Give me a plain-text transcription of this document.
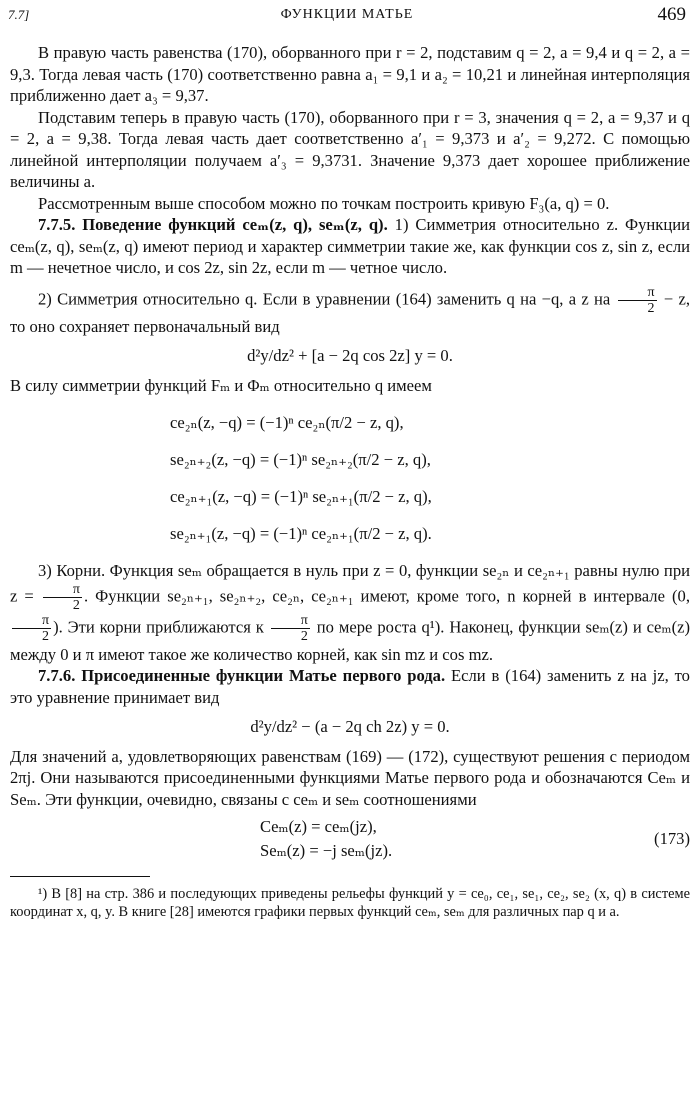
7.7]	ФУНКЦИИ МАТЬЕ	469

В правую часть равенства (170), оборванного при r = 2, подставим q = 2, a = 9,4 и q = 2, a = 9,3. Тогда левая часть (170) соответственно равна a₁ = 9,1 и a₂ = 10,21 и линейная интерполяция приближенно дает a₃ = 9,37.

Подставим теперь в правую часть (170), оборванного при r = 3, значения q = 2, a = 9,37 и q = 2, a = 9,38. Тогда левая часть дает соответственно a′₁ = 9,373 и a′₂ = 9,272. С помощью линейной интерполяции получаем a′₃ = 9,3731. Значение 9,373 дает хорошее приближение величины a.

Рассмотренным выше способом можно по точкам построить кривую F₃(a, q) = 0.

7.7.5. Поведение функций ceₘ(z, q), seₘ(z, q). 1) Симметрия относительно z. Функции ceₘ(z, q), seₘ(z, q) имеют период и характер симметрии такие же, как функции cos z, sin z, если m — нечетное число, и cos 2z, sin 2z, если m — четное число.

2) Симметрия относительно q. Если в уравнении (164) заменить q на −q, а z на $\frac{\pi}{2} - z$, то оно сохраняет первоначальный вид

d²y/dz² + [a − 2q cos 2z] y = 0.

В силу симметрии функций Fₘ и Φₘ относительно q имеем

ce₂ₙ(z, −q) = (−1)ⁿ ce₂ₙ(π/2 − z, q),
se₂ₙ₊₂(z, −q) = (−1)ⁿ se₂ₙ₊₂(π/2 − z, q),
ce₂ₙ₊₁(z, −q) = (−1)ⁿ se₂ₙ₊₁(π/2 − z, q),
se₂ₙ₊₁(z, −q) = (−1)ⁿ ce₂ₙ₊₁(π/2 − z, q).

3) Корни. Функция seₘ обращается в нуль при z = 0, функции se₂ₙ и ce₂ₙ₊₁ равны нулю при $z = \frac{\pi}{2}$ . Функции se₂ₙ₊₁, se₂ₙ₊₂, ce₂ₙ, ce₂ₙ₊₁ имеют, кроме того, n корней в интервале (0,
$\frac{\pi}{2}$ ). Эти корни приближаются к $\frac{\pi}{2}$ по мере роста q¹). Наконец, функции seₘ(z) и ceₘ(z) между 0 и π имеют такое же количество корней, как sin mz и cos mz.

7.7.6. Присоединенные функции Матье первого рода. Если в (164) заменить z на jz, то это уравнение принимает вид

d²y/dz² − (a − 2q ch 2z) y = 0.

Для значений a, удовлетворяющих равенствам (169) — (172), существуют решения с периодом 2πj. Они называются присоединенными функциями Матье первого рода и обозначаются Ceₘ и Seₘ. Эти функции, очевидно, связаны с ceₘ и seₘ соотношениями

Ceₘ(z) = ceₘ(jz),
Seₘ(z) = −j seₘ(jz).
(173)

¹) В [8] на стр. 386 и последующих приведены рельефы функций y = ce₀, ce₁, se₁, ce₂, se₂ (x, q) в системе координат x, q, y. В книге [28] имеются графики первых функций ceₘ, seₘ для различных пар q и a.
